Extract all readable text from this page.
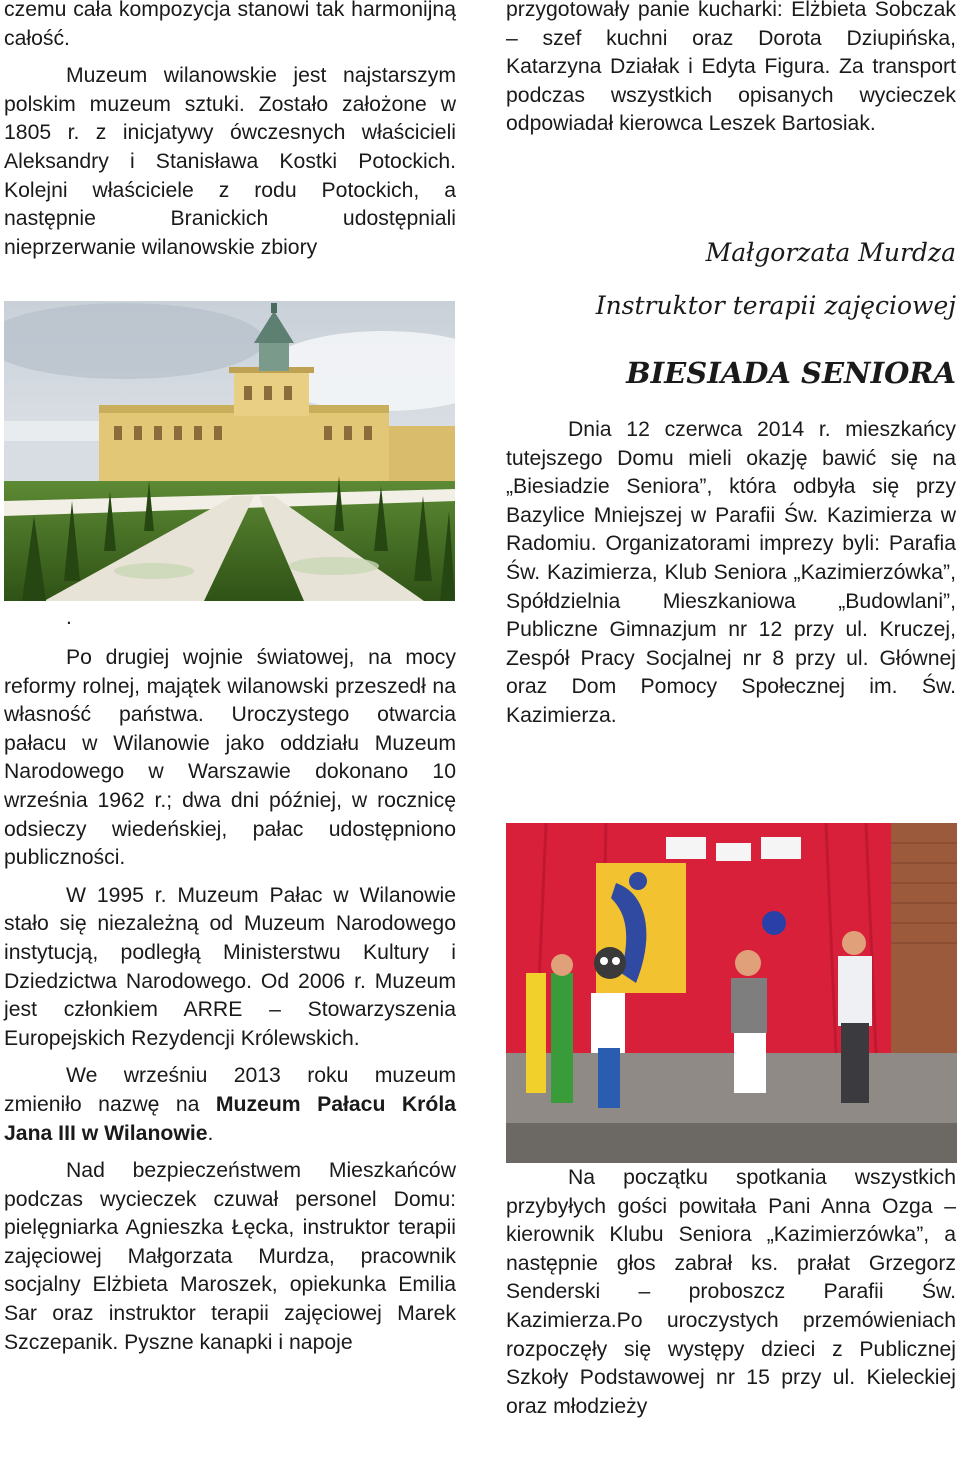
czemu cała kompozycja stanowi tak harmonijną całość.

Muzeum wilanowskie jest najstarszym polskim muzeum sztuki. Zostało założone w 1805 r. z inicjatywy ówczesnych właścicieli Aleksandry i Stanisława Kostki Potockich. Kolejni właściciele z rodu Potockich, a następnie Branickich udostępniali nieprzerwanie wilanowskie zbiory

.

Po drugiej wojnie światowej, na mocy reformy rolnej, majątek wilanowski przeszedł na własność państwa. Uroczystego otwarcia pałacu w Wilanowie jako oddziału Muzeum Narodowego w Warszawie dokonano 10 września 1962 r.; dwa dni później, w rocznicę odsieczy wiedeńskiej, pałac udostępniono publiczności.

W 1995 r. Muzeum Pałac w Wilanowie stało się niezależną od Muzeum Narodowego instytucją, podległą Ministerstwu Kultury i Dziedzictwa Narodowego. Od 2006 r. Muzeum jest członkiem ARRE – Stowarzyszenia Europejskich Rezydencji Królewskich.

We wrześniu 2013 roku muzeum zmieniło nazwę na Muzeum Pałacu Króla Jana III w Wilanowie.

Nad bezpieczeństwem Mieszkańców podczas wycieczek czuwał personel Domu: pielęgniarka Agnieszka Łęcka, instruktor terapii zajęciowej Małgorzata Murdza, pracownik socjalny Elżbieta Maroszek, opiekunka Emilia Sar oraz instruktor terapii zajęciowej Marek Szczepanik. Pyszne kanapki i napoje

przygotowały panie kucharki: Elżbieta Sobczak – szef kuchni oraz Dorota Dziupińska, Katarzyna Działak i Edyta Figura. Za transport podczas wszystkich opisanych wycieczek odpowiadał kierowca Leszek Bartosiak.

Małgorzata Murdza
Instruktor terapii zajęciowej
BIESIADA SENIORA

Dnia 12 czerwca 2014 r. mieszkańcy tutejszego Domu mieli okazję bawić się na „Biesiadzie Seniora”, która odbyła się przy Bazylice Mniejszej w Parafii Św. Kazimierza w Radomiu. Organizatorami imprezy byli: Parafia Św. Kazimierza, Klub Seniora „Kazimierzówka”, Spółdzielnia Mieszkaniowa „Budowlani”, Publiczne Gimnazjum nr 12 przy ul. Kruczej, Zespół Pracy Socjalnej nr 8 przy ul. Głównej oraz Dom Pomocy Społecznej im. Św. Kazimierza.

Na początku spotkania wszystkich przybyłych gości powitała Pani Anna Ozga – kierownik Klubu Seniora „Kazimierzówka”, a następnie głos zabrał ks. prałat Grzegorz Senderski – proboszcz Parafii Św. Kazimierza.Po uroczystych przemówieniach rozpoczęły się występy dzieci z Publicznej Szkoły Podstawowej nr 15 przy ul. Kieleckiej oraz młodzieży
